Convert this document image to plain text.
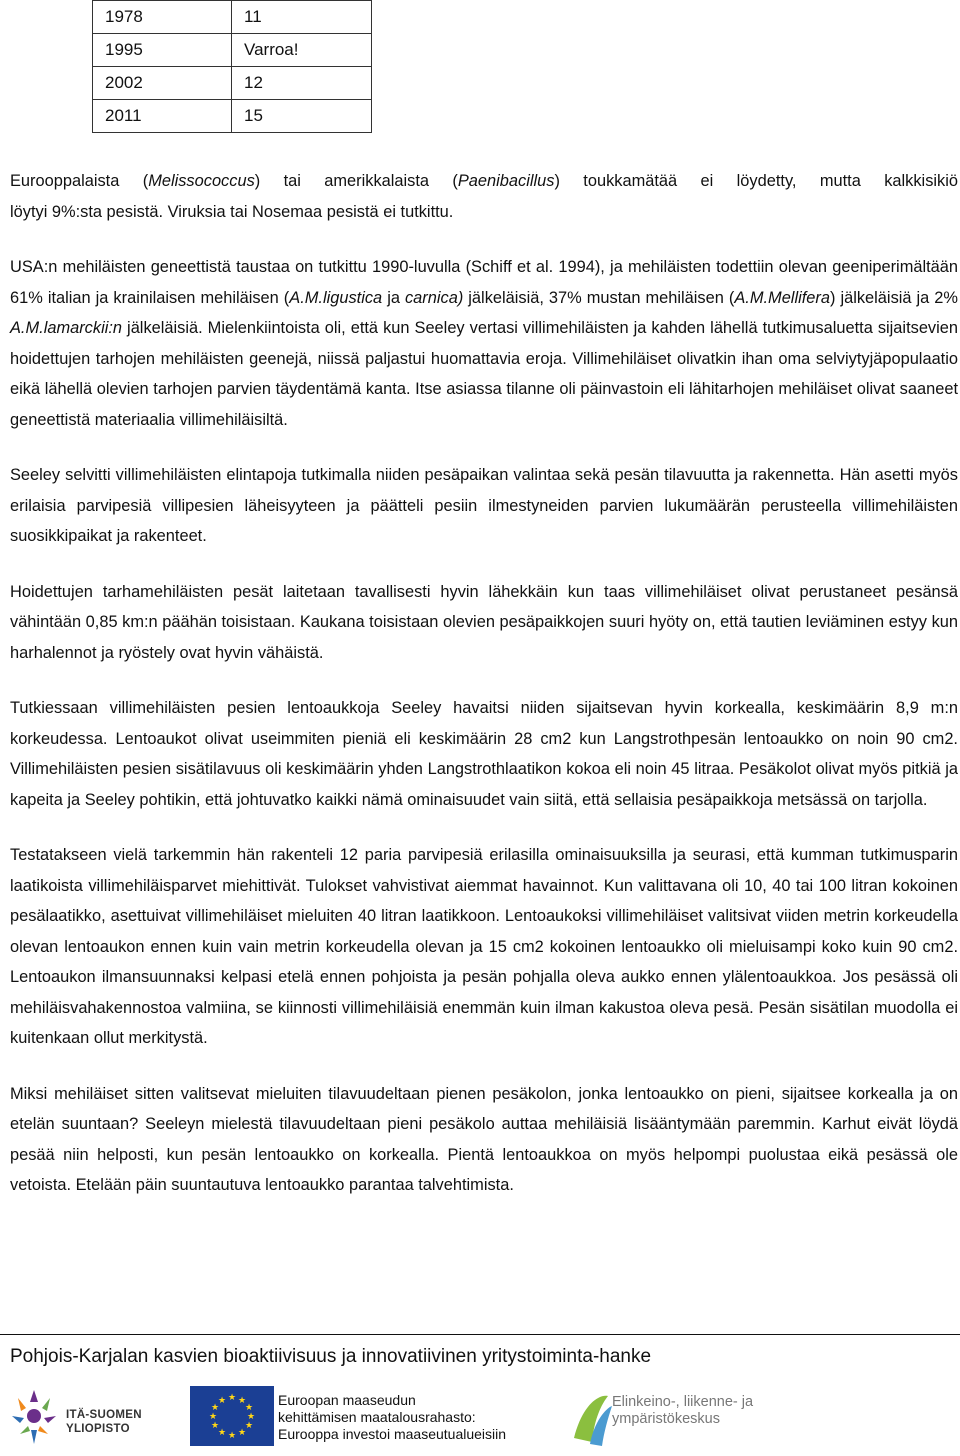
1978	11
1995	Varroa!
2002	12
2011	15

Eurooppalaista (Melissococcus) tai amerikkalaista (Paenibacillus) toukkamätää ei löydetty, mutta kalkkisikiö
löytyi 9%:sta pesistä. Viruksia tai Nosemaa pesistä ei tutkittu.

USA:n mehiläisten geneettistä taustaa on tutkittu 1990-luvulla (Schiff et al. 1994), ja mehiläisten todettiin olevan geeniperimältään 61% italian ja krainilaisen mehiläisen (A.M.ligustica ja carnica) jälkeläisiä, 37% mustan mehiläisen (A.M.Mellifera) jälkeläisiä ja 2% A.M.lamarckii:n jälkeläisiä. Mielenkiintoista oli, että kun Seeley vertasi villimehiläisten ja kahden lähellä tutkimusaluetta sijaitsevien hoidettujen tarhojen mehiläisten geenejä, niissä paljastui huomattavia eroja. Villimehiläiset olivatkin ihan oma selviytyjäpopulaatio eikä lähellä olevien tarhojen parvien täydentämä kanta. Itse asiassa tilanne oli päinvastoin eli lähitarhojen mehiläiset olivat saaneet geneettistä materiaalia villimehiläisiltä.

Seeley selvitti villimehiläisten elintapoja tutkimalla niiden pesäpaikan valintaa sekä pesän tilavuutta ja rakennetta. Hän asetti myös erilaisia parvipesiä villipesien läheisyyteen ja päätteli pesiin ilmestyneiden parvien lukumäärän perusteella villimehiläisten suosikkipaikat ja rakenteet.

Hoidettujen tarhamehiläisten pesät laitetaan tavallisesti hyvin lähekkäin kun taas villimehiläiset olivat perustaneet pesänsä vähintään 0,85 km:n päähän toisistaan. Kaukana toisistaan olevien pesäpaikkojen suuri hyöty on, että tautien leviäminen estyy kun harhalennot ja ryöstely ovat hyvin vähäistä.

Tutkiessaan villimehiläisten pesien lentoaukkoja Seeley havaitsi niiden sijaitsevan hyvin korkealla, keskimäärin 8,9 m:n korkeudessa. Lentoaukot olivat useimmiten pieniä eli keskimäärin 28 cm2 kun Langstrothpesän lentoaukko on noin 90 cm2. Villimehiläisten pesien sisätilavuus oli keskimäärin yhden Langstrothlaatikon kokoa eli noin 45 litraa. Pesäkolot olivat myös pitkiä ja kapeita ja Seeley pohtikin, että johtuvatko kaikki nämä ominaisuudet vain siitä, että sellaisia pesäpaikkoja metsässä on tarjolla.

Testatakseen vielä tarkemmin hän rakenteli 12 paria parvipesiä erilasilla ominaisuuksilla ja seurasi, että kumman tutkimusparin laatikoista villimehiläisparvet miehittivät. Tulokset vahvistivat aiemmat havainnot. Kun valittavana oli 10, 40 tai 100 litran kokoinen pesälaatikko, asettuivat villimehiläiset mieluiten 40 litran laatikkoon. Lentoaukoksi villimehiläiset valitsivat viiden metrin korkeudella olevan lentoaukon ennen kuin vain metrin korkeudella olevan ja 15 cm2 kokoinen lentoaukko oli mieluisampi koko kuin 90 cm2. Lentoaukon ilmansuunnaksi kelpasi etelä ennen pohjoista ja pesän pohjalla oleva aukko ennen ylälentoaukkoa. Jos pesässä oli mehiläisvahakennostoa valmiina, se kiinnosti villimehiläisiä enemmän kuin ilman kakustoa oleva pesä. Pesän sisätilan muodolla ei kuitenkaan ollut merkitystä.

Miksi mehiläiset sitten valitsevat mieluiten tilavuudeltaan pienen pesäkolon, jonka lentoaukko on pieni, sijaitsee korkealla ja on etelän suuntaan? Seeleyn mielestä tilavuudeltaan pieni pesäkolo auttaa mehiläisiä lisääntymään paremmin. Karhut eivät löydä pesää niin helposti, kun pesän lentoaukko on korkealla. Pientä lentoaukkoa on myös helpompi puolustaa eikä pesässä ole vetoista. Etelään päin suuntautuva lentoaukko parantaa talvehtimista.

Pohjois-Karjalan kasvien bioaktiivisuus ja innovatiivinen yritystoiminta-hanke
ITÄ-SUOMEN
YLIOPISTO
★ ★
★
★
★
★
★
★
★
★
★
★	Euroopan maaseudun
kehittämisen maatalousrahasto:
Eurooppa investoi maaseutualueisiin
Elinkeino-, liikenne- ja
ympäristökeskus
